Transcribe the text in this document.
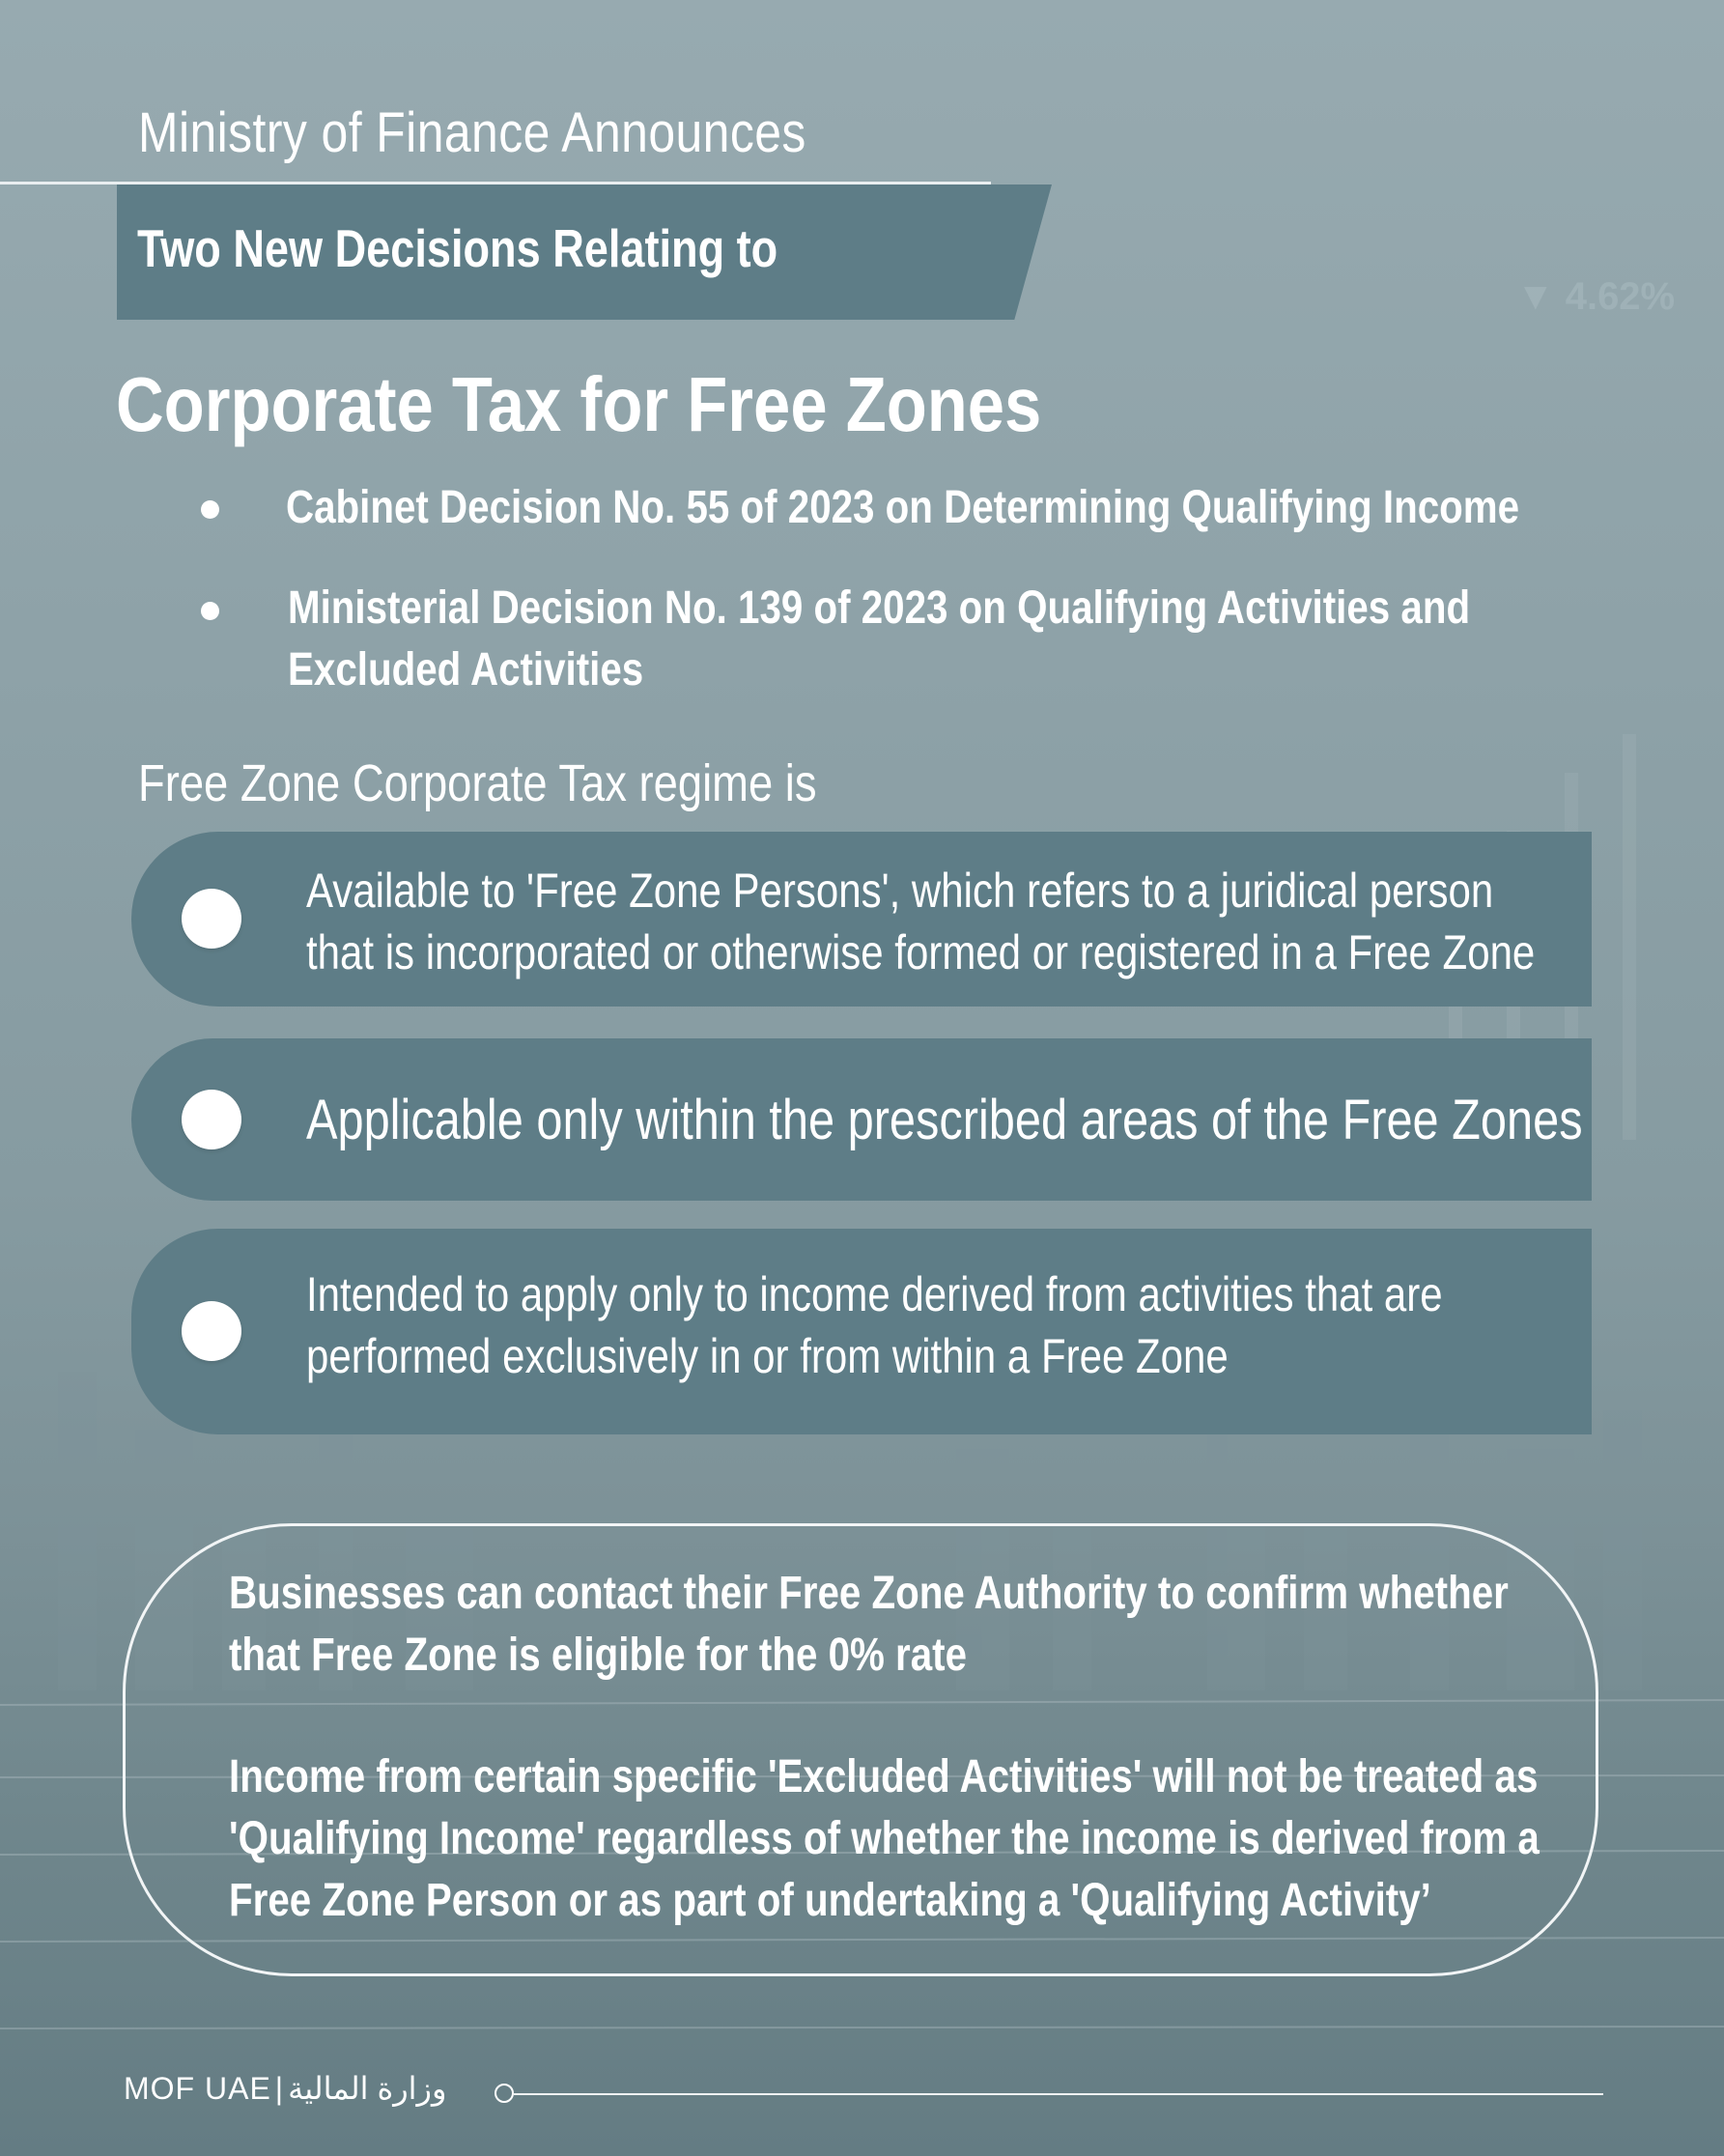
▼ 4.62%
Ministry of Finance Announces
Two New Decisions Relating to
Corporate Tax for Free Zones
Cabinet Decision No. 55 of 2023 on Determining Qualifying Income
Ministerial Decision No. 139 of 2023 on Qualifying Activities and
Excluded Activities
Free Zone Corporate Tax regime is
Available to 'Free Zone Persons', which refers to a juridical person
that is incorporated or otherwise formed or registered in a Free Zone
Applicable only within the prescribed areas of the Free Zones
Intended to apply only to income derived from activities that are
performed exclusively in or from within a Free Zone
Businesses can contact their Free Zone Authority to confirm whether
that Free Zone is eligible for the 0% rate
Income from certain specific 'Excluded Activities' will not be treated as
'Qualifying Income' regardless of whether the income is derived from a
Free Zone Person or as part of undertaking a 'Qualifying Activity’
MOF UAE | وزارة المالية
